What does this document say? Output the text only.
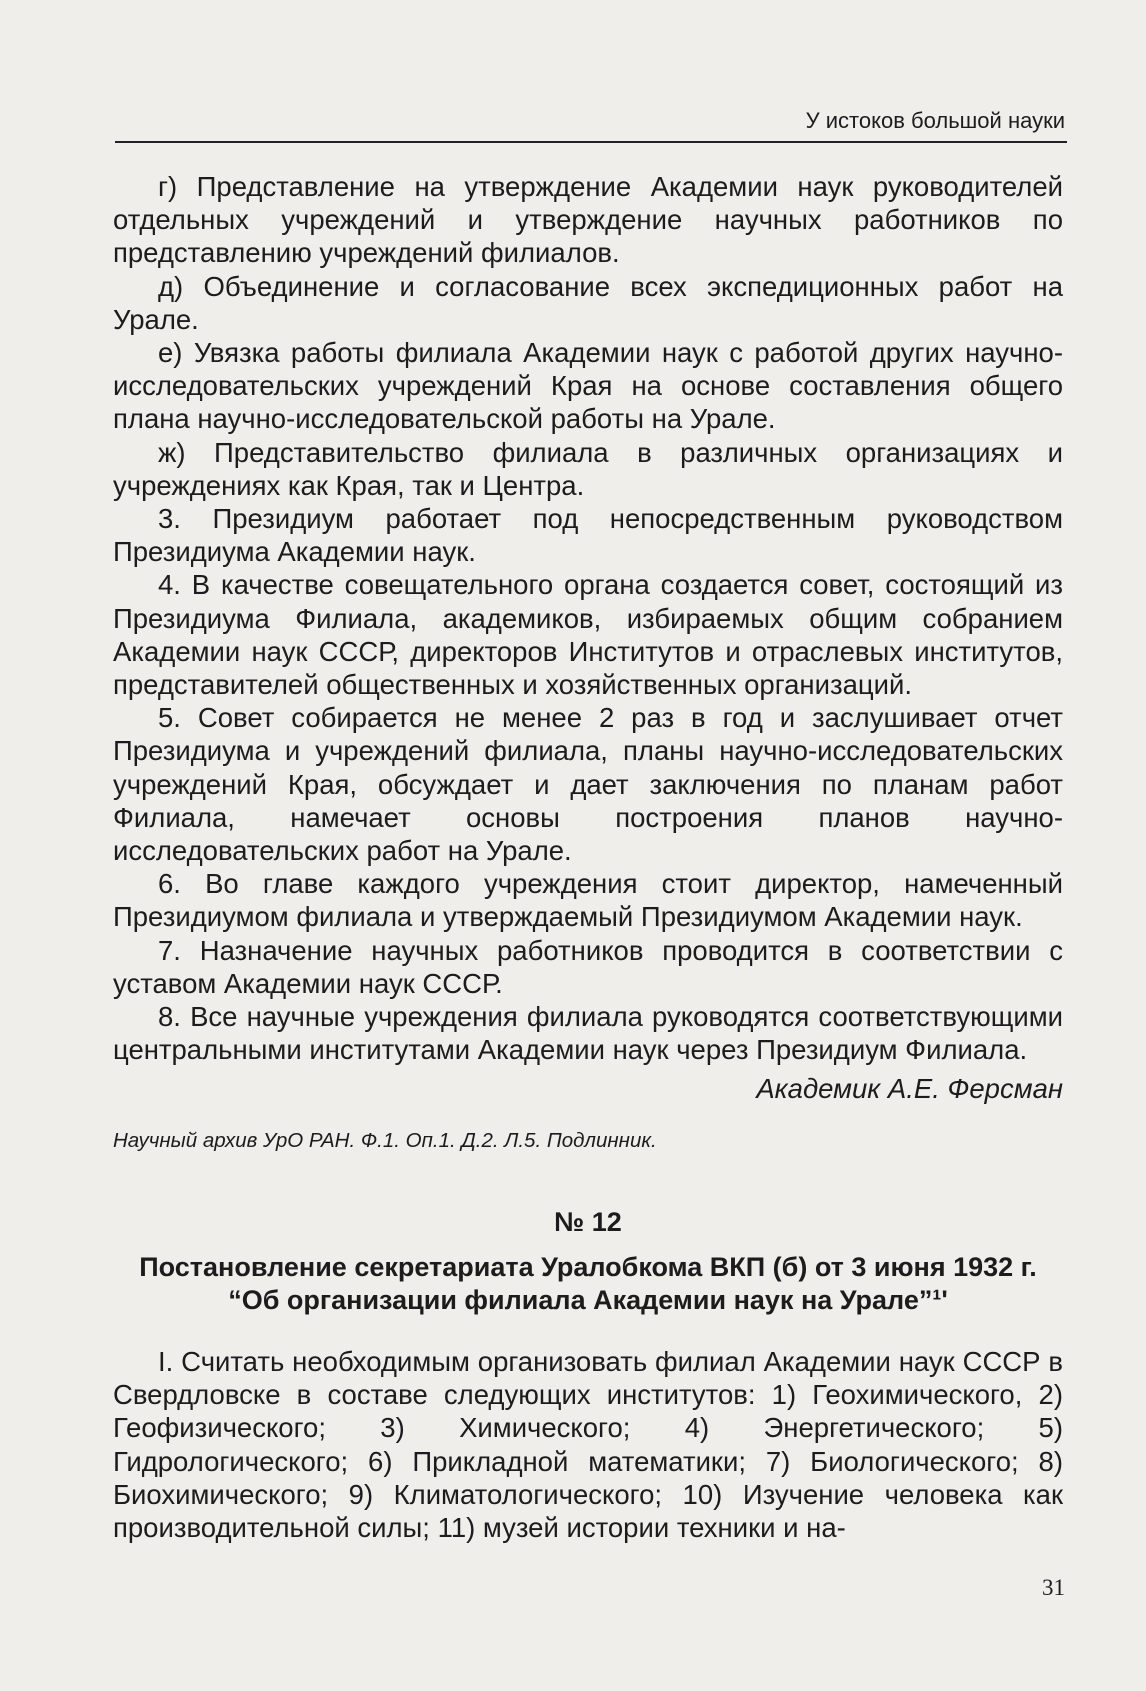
У истоков большой науки

г) Представление на утверждение Академии наук руководителей отдельных учреждений и утверждение научных работников по представлению учреждений филиалов.

д) Объединение и согласование всех экспедиционных работ на Урале.

е) Увязка работы филиала Академии наук с работой других научно-исследовательских учреждений Края на основе составления общего плана научно-исследовательской работы на Урале.

ж) Представительство филиала в различных организациях и учреждениях как Края, так и Центра.

3. Президиум работает под непосредственным руководством Президиума Академии наук.

4. В качестве совещательного органа создается совет, состоящий из Президиума Филиала, академиков, избираемых общим собранием Академии наук СССР, директоров Институтов и отраслевых институтов, представителей общественных и хозяйственных организаций.

5. Совет собирается не менее 2 раз в год и заслушивает отчет Президиума и учреждений филиала, планы научно-исследовательских учреждений Края, обсуждает и дает заключения по планам работ Филиала, намечает основы построения планов научно-исследовательских работ на Урале.

6. Во главе каждого учреждения стоит директор, намеченный Президиумом филиала и утверждаемый Президиумом Академии наук.

7. Назначение научных работников проводится в соответствии с уставом Академии наук СССР.

8. Все научные учреждения филиала руководятся соответствующими центральными институтами Академии наук через Президиум Филиала.

Академик А.Е. Ферсман
Научный архив УрО РАН. Ф.1. Оп.1. Д.2. Л.5. Подлинник.
№ 12
Постановление секретариата Уралобкома ВКП (б) от 3 июня 1932 г.
“Об организации филиала Академии наук на Урале”¹'

I. Считать необходимым организовать филиал Академии наук СССР в Свердловске в составе следующих институтов: 1) Геохимического, 2) Геофизического; 3) Химического; 4) Энергетического; 5) Гидрологического; 6) Прикладной математики; 7) Биологического; 8) Биохимического; 9) Климатологического; 10) Изучение человека как производительной силы; 11) музей истории техники и на-

31
